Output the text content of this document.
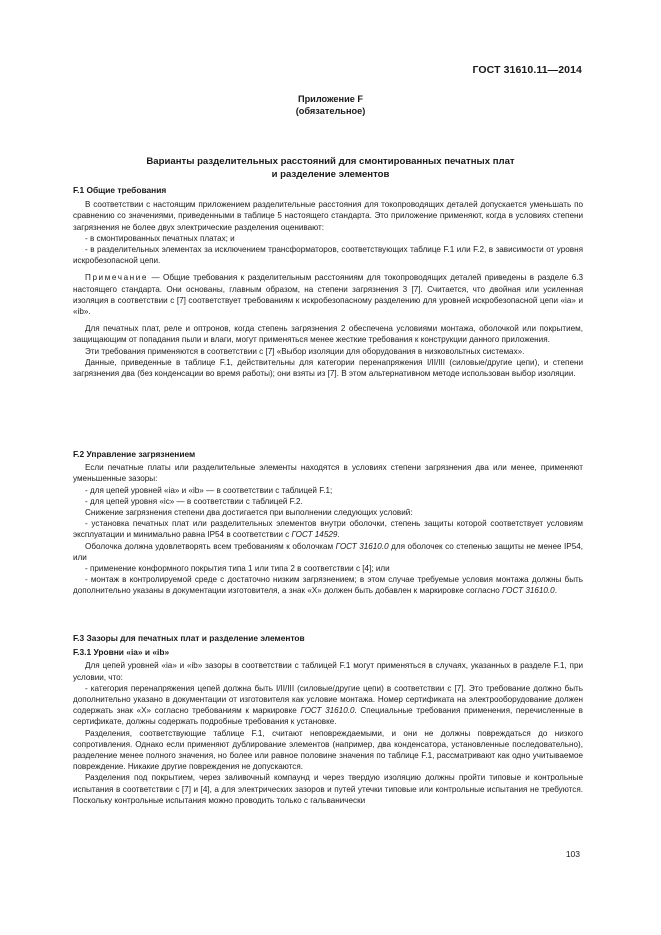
ГОСТ 31610.11—2014
Приложение F
(обязательное)
Варианты разделительных расстояний для смонтированных печатных плат
и разделение элементов

F.1 Общие требования

В соответствии с настоящим приложением разделительные расстояния для токопроводящих деталей допускается уменьшать по сравнению со значениями, приведенными в таблице 5 настоящего стандарта. Это приложение применяют, когда в условиях степени загрязнения не более двух электрические разделения оценивают:

- в смонтированных печатных платах; и

- в разделительных элементах за исключением трансформаторов, соответствующих таблице F.1 или F.2, в зависимости от уровня искробезопасной цепи.

Примечание — Общие требования к разделительным расстояниям для токопроводящих деталей приведены в разделе 6.3 настоящего стандарта. Они основаны, главным образом, на степени загрязнения 3 [7]. Считается, что двойная или усиленная изоляция в соответствии с [7] соответствует требованиям к искробезопасному разделению для уровней искробезопасной цепи «ia» и «ib».

Для печатных плат, реле и оптронов, когда степень загрязнения 2 обеспечена условиями монтажа, оболочкой или покрытием, защищающим от попадания пыли и влаги, могут применяться менее жесткие требования к конструкции данного приложения.

Эти требования применяются в соответствии с [7] «Выбор изоляции для оборудования в низковольтных системах».

Данные, приведенные в таблице F.1, действительны для категории перенапряжения I/II/III (силовые/другие цепи), и степени загрязнения два (без конденсации во время работы); они взяты из [7]. В этом альтернативном методе использован выбор изоляции.

F.2 Управление загрязнением

Если печатные платы или разделительные элементы находятся в условиях степени загрязнения два или менее, применяют уменьшенные зазоры:

- для цепей уровней «ia» и «ib» — в соответствии с таблицей F.1;

- для цепей уровня «ic» — в соответствии с таблицей F.2.

Снижение загрязнения степени два достигается при выполнении следующих условий:

- установка печатных плат или разделительных элементов внутри оболочки, степень защиты которой соответствует условиям эксплуатации и минимально равна IP54 в соответствии с ГОСТ 14529.

Оболочка должна удовлетворять всем требованиям к оболочкам ГОСТ 31610.0 для оболочек со степенью защиты не менее IP54, или

- применение конформного покрытия типа 1 или типа 2 в соответствии с [4]; или

- монтаж в контролируемой среде с достаточно низким загрязнением; в этом случае требуемые условия монтажа должны быть дополнительно указаны в документации изготовителя, а знак «Х» должен быть добавлен к маркировке согласно ГОСТ 31610.0.

F.3 Зазоры для печатных плат и разделение элементов

F.3.1 Уровни «ia» и «ib»

Для цепей уровней «ia» и «ib» зазоры в соответствии с таблицей F.1 могут применяться в случаях, указанных в разделе F.1, при условии, что:

- категория перенапряжения цепей должна быть I/II/III (силовые/другие цепи) в соответствии с [7]. Это требование должно быть дополнительно указано в документации от изготовителя как условие монтажа. Номер сертификата на электрооборудование должен содержать знак «Х» согласно требованиям к маркировке ГОСТ 31610.0. Специальные требования применения, перечисленные в сертификате, должны содержать подробные требования к установке.

Разделения, соответствующие таблице F.1, считают неповреждаемыми, и они не должны повреждаться до низкого сопротивления. Однако если применяют дублирование элементов (например, два конденсатора, установленные последовательно), разделение менее полного значения, но более или равное половине значения по таблице F.1, рассматривают как одно учитываемое повреждение. Никакие другие повреждения не допускаются.

Разделения под покрытием, через заливочный компаунд и через твердую изоляцию должны пройти типовые и контрольные испытания в соответствии с [7] и [4], а для электрических зазоров и путей утечки типовые или контрольные испытания не требуются. Поскольку контрольные испытания можно проводить только с гальванически

103
